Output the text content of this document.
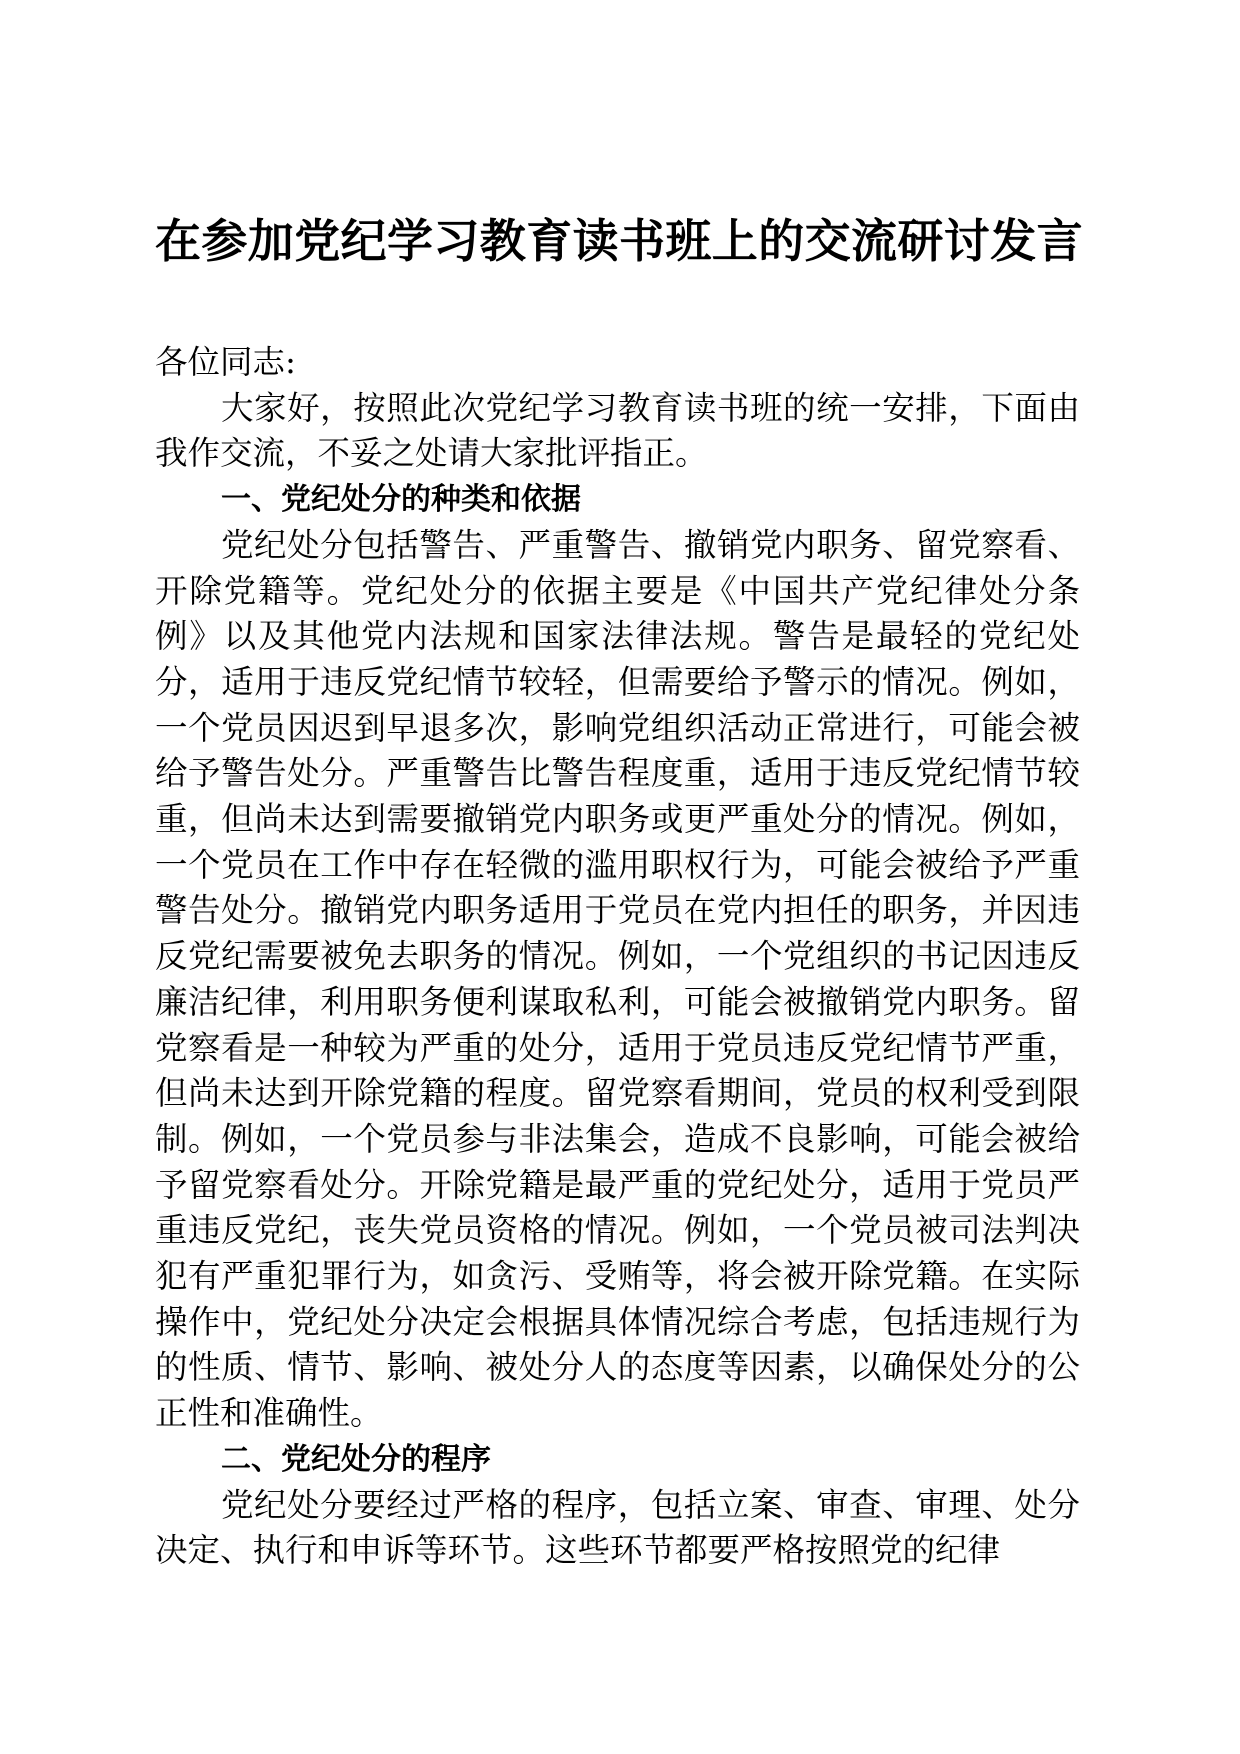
在参加党纪学习教育读书班上的交流研讨发言

各位同志:

大家好，按照此次党纪学习教育读书班的统一安排，下面由我作交流，不妥之处请大家批评指正。

一、党纪处分的种类和依据

党纪处分包括警告、严重警告、撤销党内职务、留党察看、开除党籍等。党纪处分的依据主要是《中国共产党纪律处分条例》以及其他党内法规和国家法律法规。警告是最轻的党纪处分，适用于违反党纪情节较轻，但需要给予警示的情况。例如，一个党员因迟到早退多次，影响党组织活动正常进行，可能会被给予警告处分。严重警告比警告程度重，适用于违反党纪情节较重，但尚未达到需要撤销党内职务或更严重处分的情况。例如，一个党员在工作中存在轻微的滥用职权行为，可能会被给予严重警告处分。撤销党内职务适用于党员在党内担任的职务，并因违反党纪需要被免去职务的情况。例如，一个党组织的书记因违反廉洁纪律，利用职务便利谋取私利，可能会被撤销党内职务。留党察看是一种较为严重的处分，适用于党员违反党纪情节严重，但尚未达到开除党籍的程度。留党察看期间，党员的权利受到限制。例如，一个党员参与非法集会，造成不良影响，可能会被给予留党察看处分。开除党籍是最严重的党纪处分，适用于党员严重违反党纪，丧失党员资格的情况。例如，一个党员被司法判决犯有严重犯罪行为，如贪污、受贿等，将会被开除党籍。在实际操作中，党纪处分决定会根据具体情况综合考虑，包括违规行为的性质、情节、影响、被处分人的态度等因素，以确保处分的公正性和准确性。

二、党纪处分的程序

党纪处分要经过严格的程序，包括立案、审查、审理、处分决定、执行和申诉等环节。这些环节都要严格按照党的纪律
